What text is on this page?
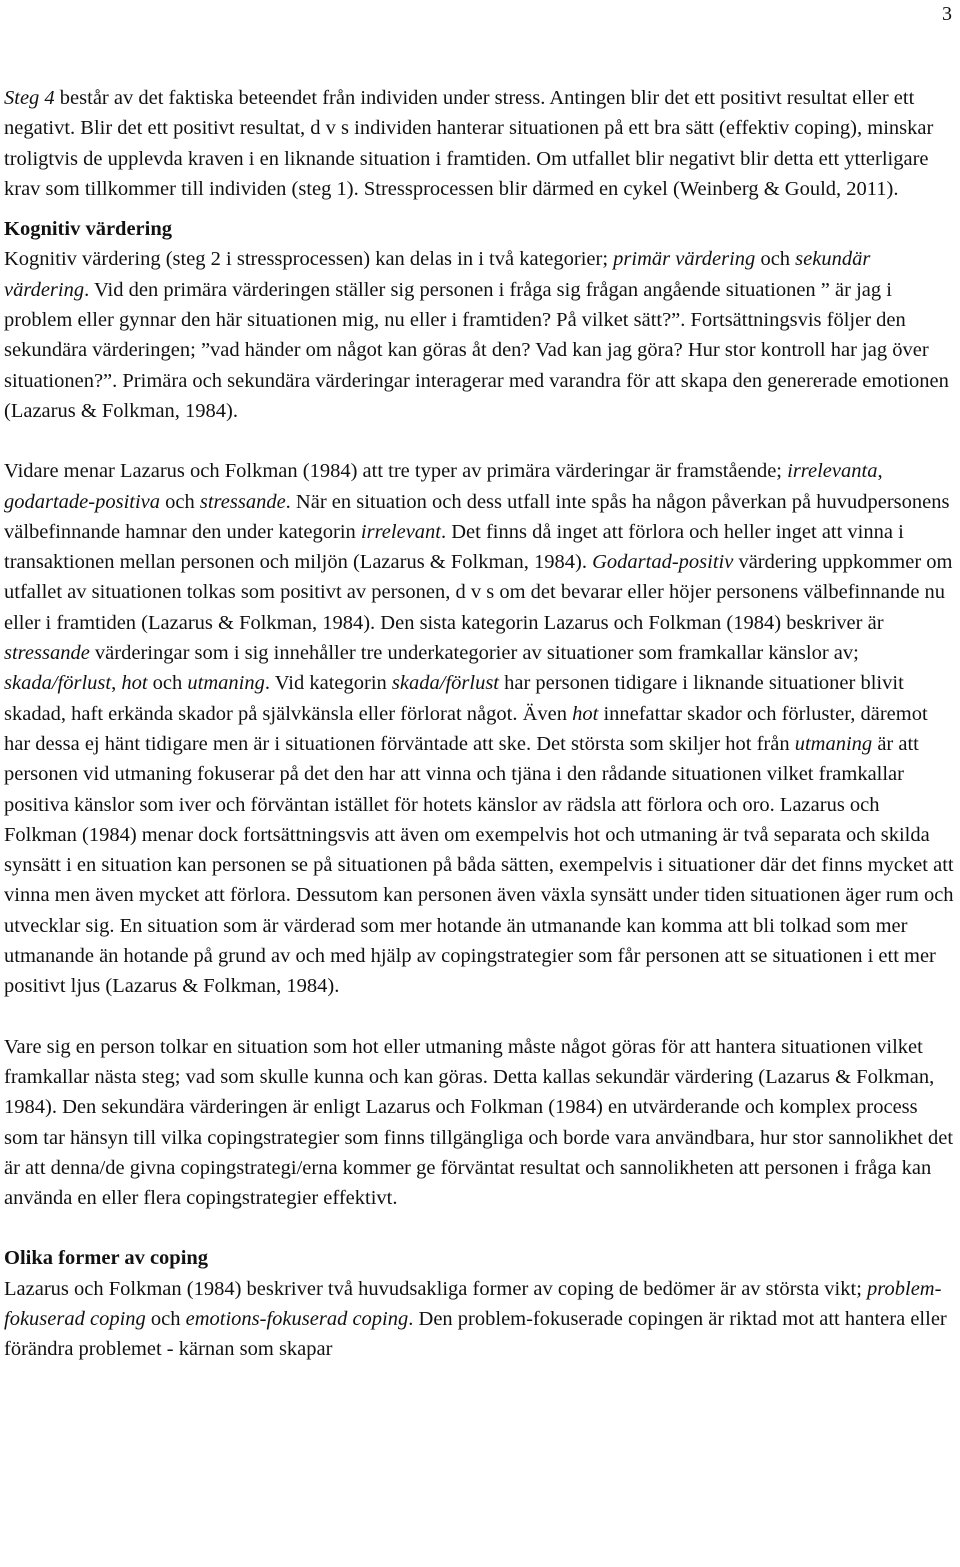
3

Steg 4 består av det faktiska beteendet från individen under stress. Antingen blir det ett positivt resultat eller ett negativt. Blir det ett positivt resultat, d v s individen hanterar situationen på ett bra sätt (effektiv coping), minskar troligtvis de upplevda kraven i en liknande situation i framtiden. Om utfallet blir negativt blir detta ett ytterligare krav som tillkommer till individen (steg 1). Stressprocessen blir därmed en cykel (Weinberg & Gould, 2011).

Kognitiv värdering

Kognitiv värdering (steg 2 i stressprocessen) kan delas in i två kategorier; primär värdering och sekundär värdering. Vid den primära värderingen ställer sig personen i fråga sig frågan angående situationen ” är jag i problem eller gynnar den här situationen mig, nu eller i framtiden? På vilket sätt?”. Fortsättningsvis följer den sekundära värderingen; ”vad händer om något kan göras åt den? Vad kan jag göra? Hur stor kontroll har jag över situationen?”. Primära och sekundära värderingar interagerar med varandra för att skapa den genererade emotionen (Lazarus & Folkman, 1984).

Vidare menar Lazarus och Folkman (1984) att tre typer av primära värderingar är framstående; irrelevanta, godartade-positiva och stressande. När en situation och dess utfall inte spås ha någon påverkan på huvudpersonens välbefinnande hamnar den under kategorin irrelevant. Det finns då inget att förlora och heller inget att vinna i transaktionen mellan personen och miljön (Lazarus & Folkman, 1984). Godartad-positiv värdering uppkommer om utfallet av situationen tolkas som positivt av personen, d v s om det bevarar eller höjer personens välbefinnande nu eller i framtiden (Lazarus & Folkman, 1984). Den sista kategorin Lazarus och Folkman (1984) beskriver är stressande värderingar som i sig innehåller tre underkategorier av situationer som framkallar känslor av; skada/förlust, hot och utmaning. Vid kategorin skada/förlust har personen tidigare i liknande situationer blivit skadad, haft erkända skador på självkänsla eller förlorat något. Även hot innefattar skador och förluster, däremot har dessa ej hänt tidigare men är i situationen förväntade att ske. Det största som skiljer hot från utmaning är att personen vid utmaning fokuserar på det den har att vinna och tjäna i den rådande situationen vilket framkallar positiva känslor som iver och förväntan istället för hotets känslor av rädsla att förlora och oro. Lazarus och Folkman (1984) menar dock fortsättningsvis att även om exempelvis hot och utmaning är två separata och skilda synsätt i en situation kan personen se på situationen på båda sätten, exempelvis i situationer där det finns mycket att vinna men även mycket att förlora. Dessutom kan personen även växla synsätt under tiden situationen äger rum och utvecklar sig. En situation som är värderad som mer hotande än utmanande kan komma att bli tolkad som mer utmanande än hotande på grund av och med hjälp av copingstrategier som får personen att se situationen i ett mer positivt ljus (Lazarus & Folkman, 1984).

Vare sig en person tolkar en situation som hot eller utmaning måste något göras för att hantera situationen vilket framkallar nästa steg; vad som skulle kunna och kan göras. Detta kallas sekundär värdering (Lazarus & Folkman, 1984). Den sekundära värderingen är enligt Lazarus och Folkman (1984) en utvärderande och komplex process som tar hänsyn till vilka copingstrategier som finns tillgängliga och borde vara användbara, hur stor sannolikhet det är att denna/de givna copingstrategi/erna kommer ge förväntat resultat och sannolikheten att personen i fråga kan använda en eller flera copingstrategier effektivt.

Olika former av coping

Lazarus och Folkman (1984) beskriver två huvudsakliga former av coping de bedömer är av största vikt; problem-fokuserad coping och emotions-fokuserad coping. Den problem-fokuserade copingen är riktad mot att hantera eller förändra problemet - kärnan som skapar
